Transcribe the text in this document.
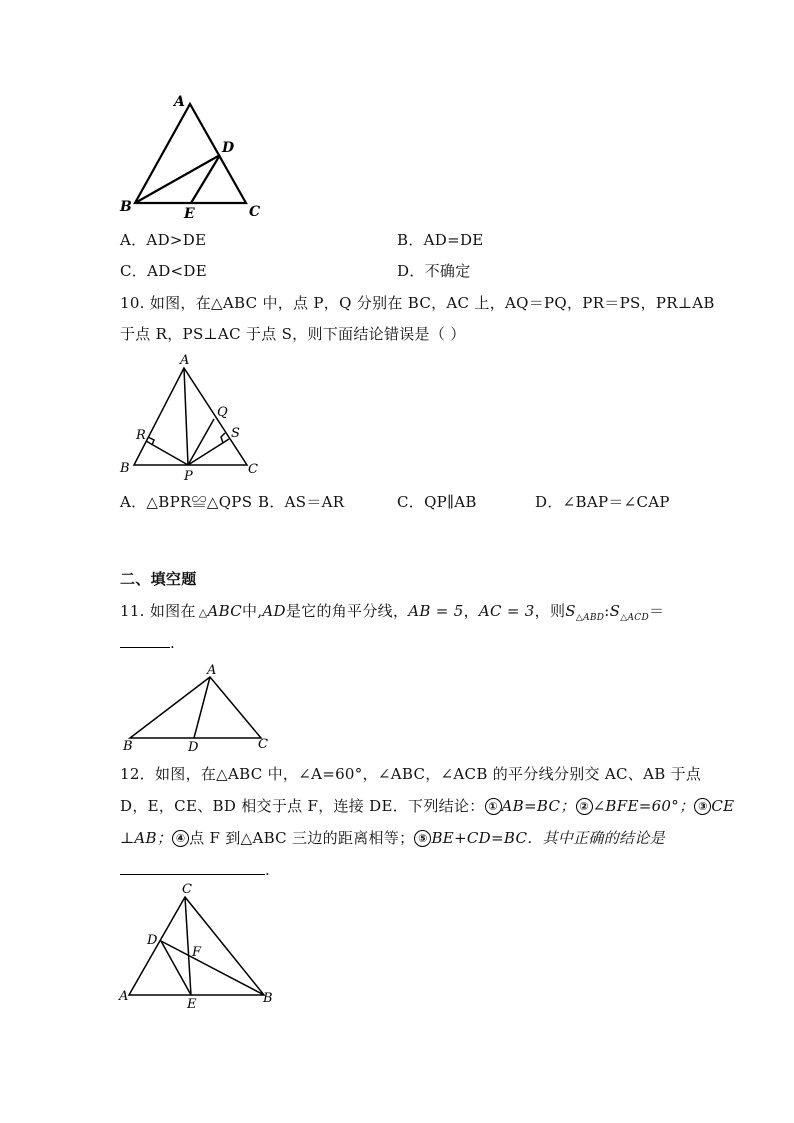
A
B	C
D
E
A．AD>DE	B．AD=DE
C．AD<DE	D．不确定
10. 如图，在△ABC 中，点 P，Q 分别在 BC，AC 上，AQ＝PQ，PR＝PS，PR⊥AB
于点 R，PS⊥AC 于点 S，则下面结论错误是（ ）
A
B	C
P
Q
R	S
A．△BPR≌△QPS B．AS＝AR	C．QP∥AB	D．∠BAP＝∠CAP
二、填空题
11. 如图在 △ABC中,AD是它的角平分线，AB = 5，AC = 3，则$S_{\triangle ABD}:S_{\triangle ACD}=$
.
A
B	C
D
12．如图，在△ABC 中，∠A=60°，∠ABC，∠ACB 的平分线分别交 AC、AB 于点
D，E，CE、BD 相交于点 F，连接 DE．下列结论： ① AB=BC； ② ∠BFE=60°； ③ CE
⊥AB； ④ 点 F 到△ABC 三边的距离相等； ⑤ BE+CD=BC．其中正确的结论是
.
C
D
F
A
E	B
